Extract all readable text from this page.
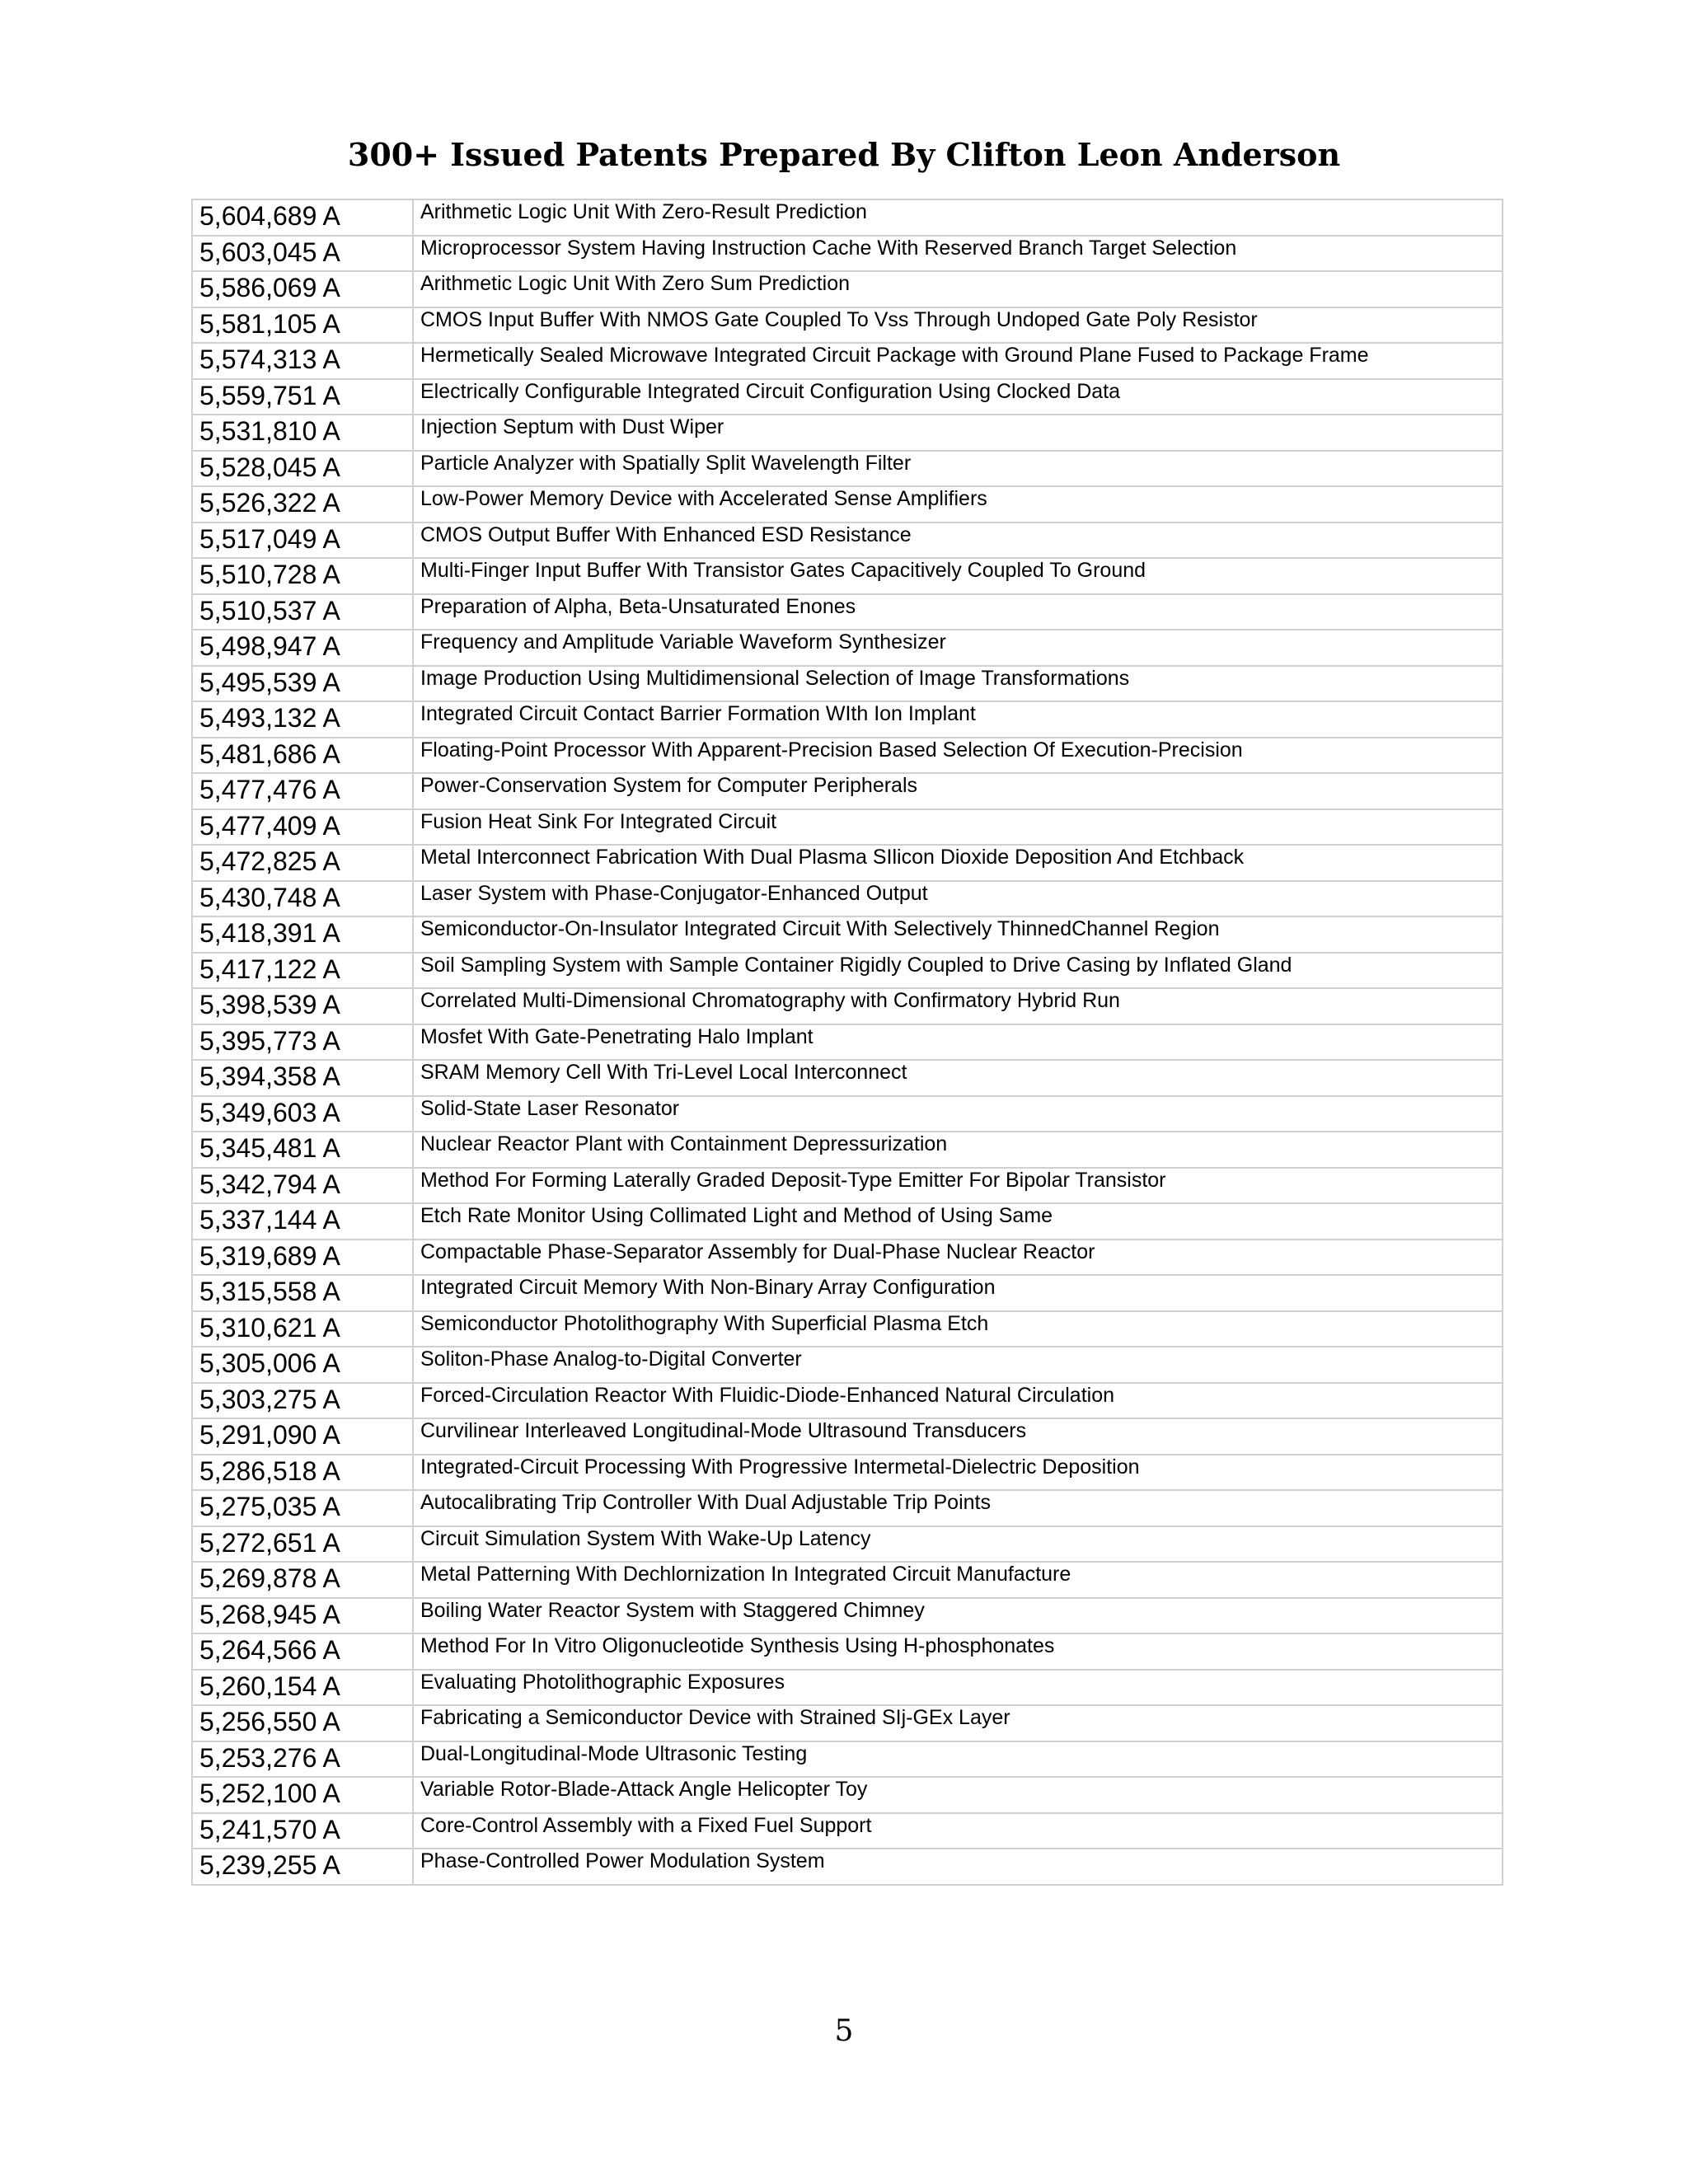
300+ Issued Patents Prepared By Clifton Leon Anderson
5,604,689 A	Arithmetic Logic Unit With Zero-Result Prediction
5,603,045 A	Microprocessor System Having Instruction Cache With Reserved Branch Target Selection
5,586,069 A	Arithmetic Logic Unit With Zero Sum Prediction
5,581,105 A	CMOS Input Buffer With NMOS Gate Coupled To Vss Through Undoped Gate Poly Resistor
5,574,313 A	Hermetically Sealed Microwave Integrated Circuit Package with Ground Plane Fused to Package Frame
5,559,751 A	Electrically Configurable Integrated Circuit Configuration Using Clocked Data
5,531,810 A	Injection Septum with Dust Wiper
5,528,045 A	Particle Analyzer with Spatially Split Wavelength Filter
5,526,322 A	Low-Power Memory Device with Accelerated Sense Amplifiers
5,517,049 A	CMOS Output Buffer With Enhanced ESD Resistance
5,510,728 A	Multi-Finger Input Buffer With Transistor Gates Capacitively Coupled To Ground
5,510,537 A	Preparation of Alpha, Beta-Unsaturated Enones
5,498,947 A	Frequency and Amplitude Variable Waveform Synthesizer
5,495,539 A	Image Production Using Multidimensional Selection of Image Transformations
5,493,132 A	Integrated Circuit Contact Barrier Formation WIth Ion Implant
5,481,686 A	Floating-Point Processor With Apparent-Precision Based Selection Of Execution-Precision
5,477,476 A	Power-Conservation System for Computer Peripherals
5,477,409 A	Fusion Heat Sink For Integrated Circuit
5,472,825 A	Metal Interconnect Fabrication With Dual Plasma SIlicon Dioxide Deposition And Etchback
5,430,748 A	Laser System with Phase-Conjugator-Enhanced Output
5,418,391 A	Semiconductor-On-Insulator Integrated Circuit With Selectively ThinnedChannel Region
5,417,122 A	Soil Sampling System with Sample Container Rigidly Coupled to Drive Casing by Inflated Gland
5,398,539 A	Correlated Multi-Dimensional Chromatography with Confirmatory Hybrid Run
5,395,773 A	Mosfet With Gate-Penetrating Halo Implant
5,394,358 A	SRAM Memory Cell With Tri-Level Local Interconnect
5,349,603 A	Solid-State Laser Resonator
5,345,481 A	Nuclear Reactor Plant with Containment Depressurization
5,342,794 A	Method For Forming Laterally Graded Deposit-Type Emitter For Bipolar Transistor
5,337,144 A	Etch Rate Monitor Using Collimated Light and Method of Using Same
5,319,689 A	Compactable Phase-Separator Assembly for Dual-Phase Nuclear Reactor
5,315,558 A	Integrated Circuit Memory With Non-Binary Array Configuration
5,310,621 A	Semiconductor Photolithography With Superficial Plasma Etch
5,305,006 A	Soliton-Phase Analog-to-Digital Converter
5,303,275 A	Forced-Circulation Reactor With Fluidic-Diode-Enhanced Natural Circulation
5,291,090 A	Curvilinear Interleaved Longitudinal-Mode Ultrasound Transducers
5,286,518 A	Integrated-Circuit Processing With Progressive Intermetal-Dielectric Deposition
5,275,035 A	Autocalibrating Trip Controller With Dual Adjustable Trip Points
5,272,651 A	Circuit Simulation System With Wake-Up Latency
5,269,878 A	Metal Patterning With Dechlornization In Integrated Circuit Manufacture
5,268,945 A	Boiling Water Reactor System with Staggered Chimney
5,264,566 A	Method For In Vitro Oligonucleotide Synthesis Using H-phosphonates
5,260,154 A	Evaluating Photolithographic Exposures
5,256,550 A	Fabricating a Semiconductor Device with Strained SIj-GEx Layer
5,253,276 A	Dual-Longitudinal-Mode Ultrasonic Testing
5,252,100 A	Variable Rotor-Blade-Attack Angle Helicopter Toy
5,241,570 A	Core-Control Assembly with a Fixed Fuel Support
5,239,255 A	Phase-Controlled Power Modulation System
5
